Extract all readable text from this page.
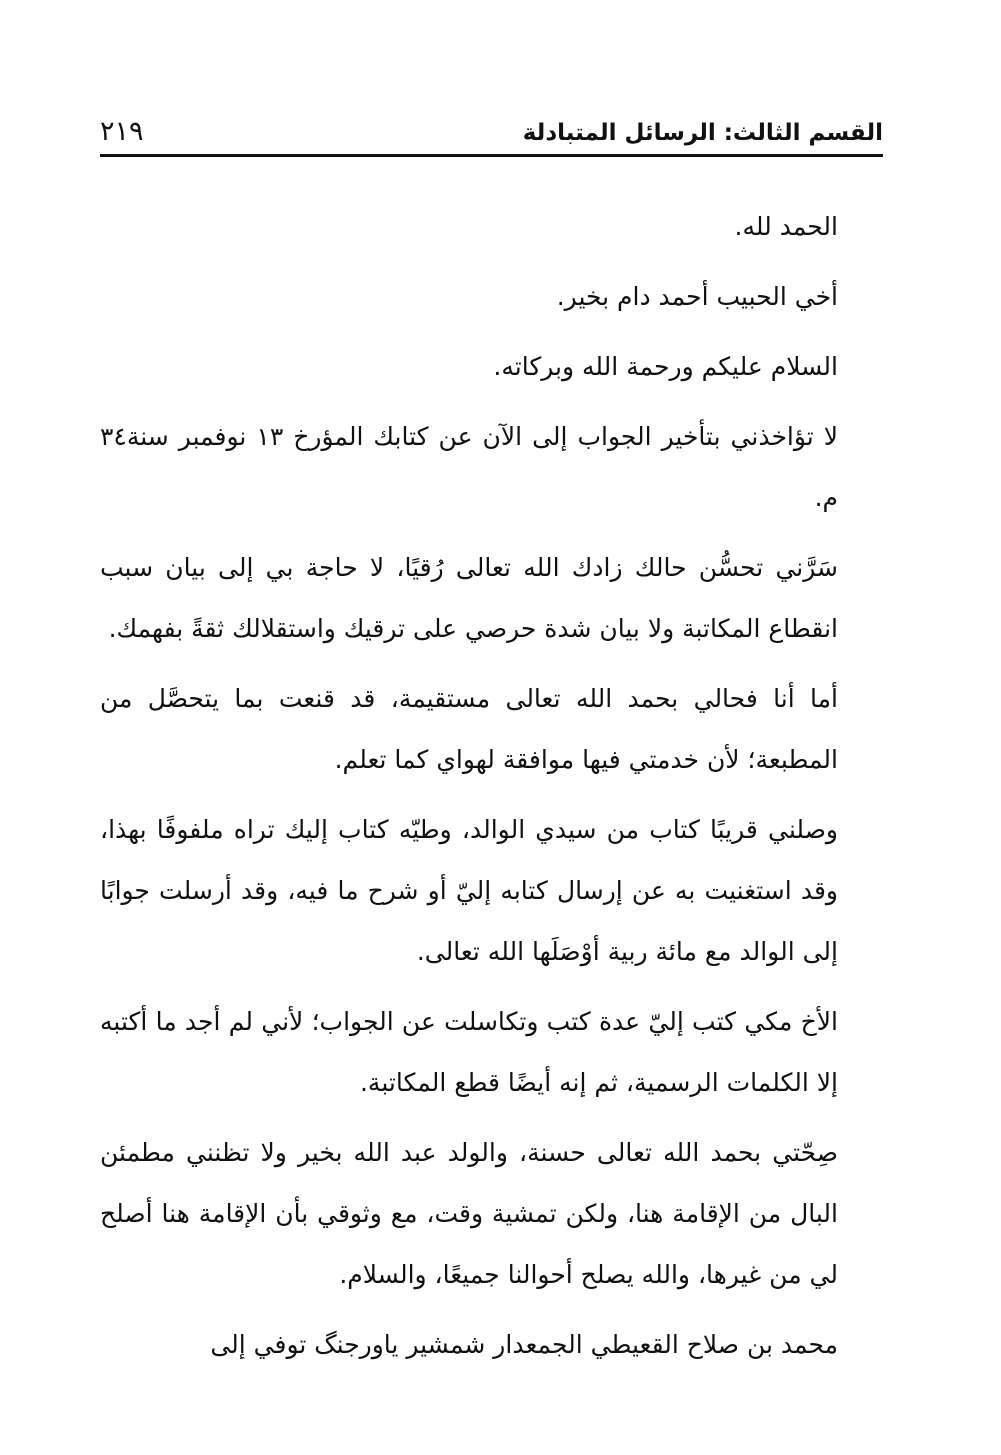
القسم الثالث: الرسائل المتبادلة
٢١٩

الحمد لله.

أخي الحبيب أحمد دام بخير.

السلام عليكم ورحمة الله وبركاته.

لا تؤاخذني بتأخير الجواب إلى الآن عن كتابك المؤرخ ١٣ نوفمبر سنة٣٤ م.

سَرَّني تحسُّن حالك زادك الله تعالى رُقيًا، لا حاجة بي إلى بيان سبب انقطاع المكاتبة ولا بيان شدة حرصي على ترقيك واستقلالك ثقةً بفهمك.

أما أنا فحالي بحمد الله تعالى مستقيمة، قد قنعت بما يتحصَّل من المطبعة؛ لأن خدمتي فيها موافقة لهواي كما تعلم.

وصلني قريبًا كتاب من سيدي الوالد، وطيّه كتاب إليك تراه ملفوفًا بهذا، وقد استغنيت به عن إرسال كتابه إليّ أو شرح ما فيه، وقد أرسلت جوابًا إلى الوالد مع مائة ربية أوْصَلَها الله تعالى.

الأخ مكي كتب إليّ عدة كتب وتكاسلت عن الجواب؛ لأني لم أجد ما أكتبه إلا الكلمات الرسمية، ثم إنه أيضًا قطع المكاتبة.

صِحّتي بحمد الله تعالى حسنة، والولد عبد الله بخير ولا تظنني مطمئن البال من الإقامة هنا، ولكن تمشية وقت، مع وثوقي بأن الإقامة هنا أصلح لي من غيرها، والله يصلح أحوالنا جميعًا، والسلام.

محمد بن صلاح القعيطي الجمعدار شمشير ياورجنگ توفي إلى
